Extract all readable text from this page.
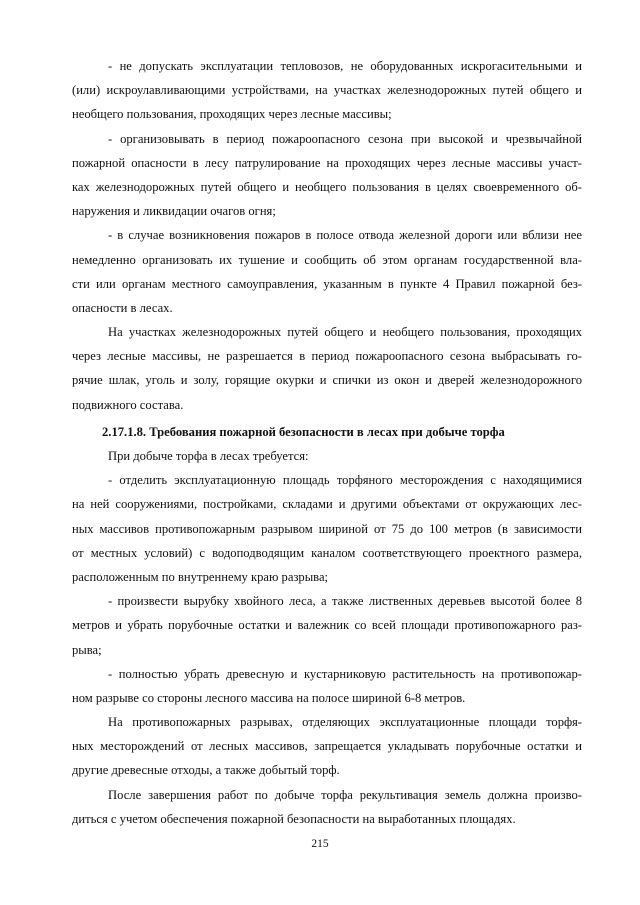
- не допускать эксплуатации тепловозов, не оборудованных искрогасительными и
(или) искроулавливающими устройствами, на участках железнодорожных путей общего и
необщего пользования, проходящих через лесные массивы;
- организовывать в период пожароопасного сезона при высокой и чрезвычайной
пожарной опасности в лесу патрулирование на проходящих через лесные массивы участ-
ках железнодорожных путей общего и необщего пользования в целях своевременного об-
наружения и ликвидации очагов огня;
- в случае возникновения пожаров в полосе отвода железной дороги или вблизи нее
немедленно организовать их тушение и сообщить об этом органам государственной вла-
сти или органам местного самоуправления, указанным в пункте 4 Правил пожарной без-
опасности в лесах.
На участках железнодорожных путей общего и необщего пользования, проходящих
через лесные массивы, не разрешается в период пожароопасного сезона выбрасывать го-
рячие шлак, уголь и золу, горящие окурки и спички из окон и дверей железнодорожного
подвижного состава.
2.17.1.8. Требования пожарной безопасности в лесах при добыче торфа
При добыче торфа в лесах требуется:
- отделить эксплуатационную площадь торфяного месторождения с находящимися
на ней сооружениями, постройками, складами и другими объектами от окружающих лес-
ных массивов противопожарным разрывом шириной от 75 до 100 метров (в зависимости
от местных условий) с водоподводящим каналом соответствующего проектного размера,
расположенным по внутреннему краю разрыва;
- произвести вырубку хвойного леса, а также лиственных деревьев высотой более 8
метров и убрать порубочные остатки и валежник со всей площади противопожарного раз-
рыва;
- полностью убрать древесную и кустарниковую растительность на противопожар-
ном разрыве со стороны лесного массива на полосе шириной 6-8 метров.
На противопожарных разрывах, отделяющих эксплуатационные площади торфя-
ных месторождений от лесных массивов, запрещается укладывать порубочные остатки и
другие древесные отходы, а также добытый торф.
После завершения работ по добыче торфа рекультивация земель должна произво-
диться с учетом обеспечения пожарной безопасности на выработанных площадях.
215
